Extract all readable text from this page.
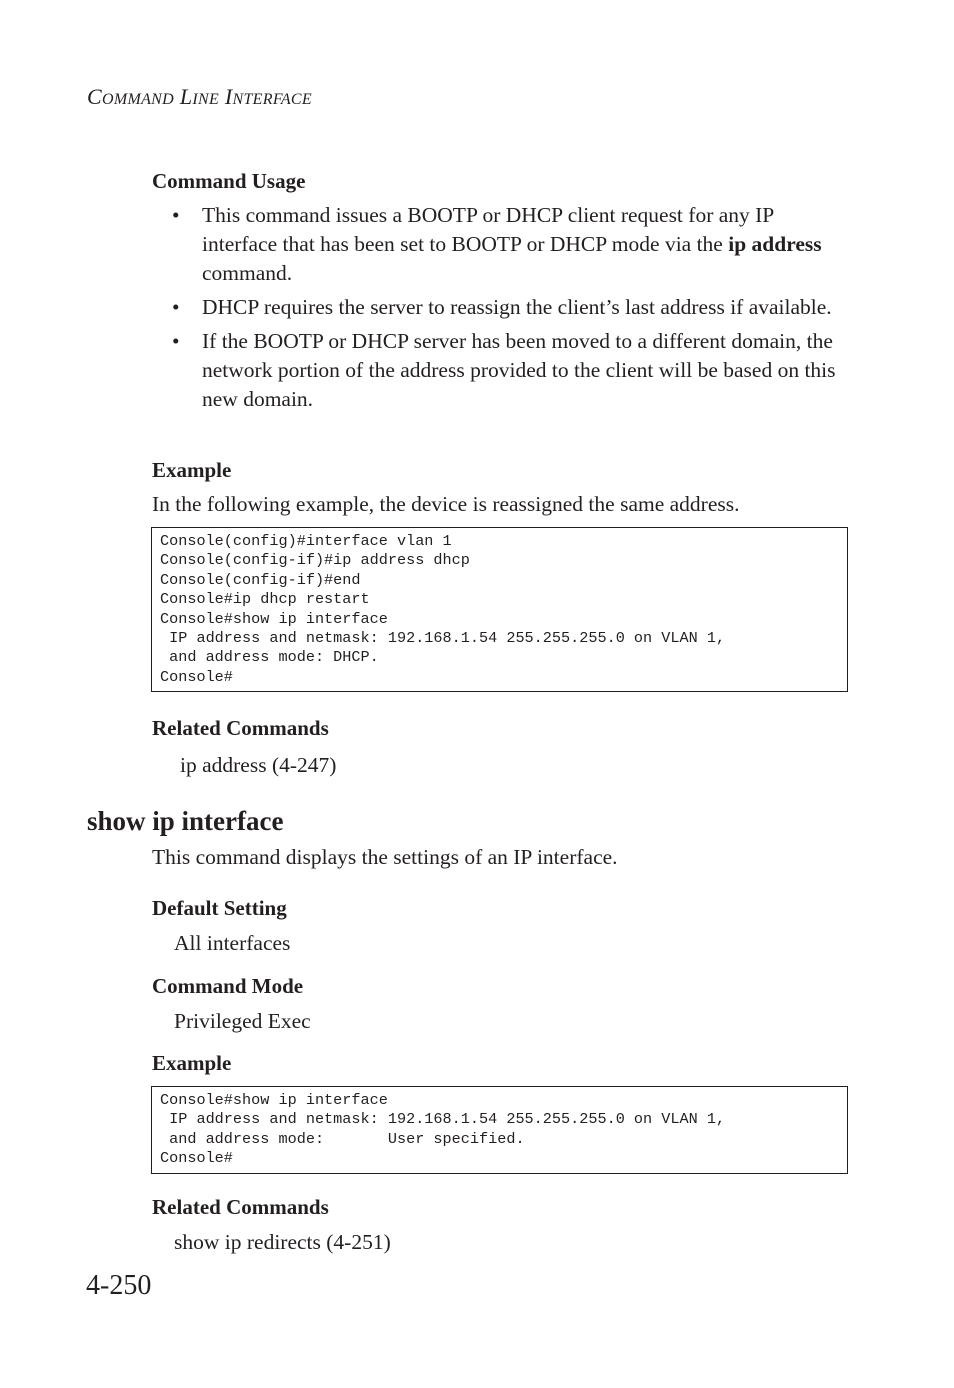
COMMAND LINE INTERFACE
Command Usage
• This command issues a BOOTP or DHCP client request for any IP interface that has been set to BOOTP or DHCP mode via the ip address command.
• DHCP requires the server to reassign the client’s last address if available.
• If the BOOTP or DHCP server has been moved to a different domain, the network portion of the address provided to the client will be based on this new domain.
Example
In the following example, the device is reassigned the same address.
Console(config)#interface vlan 1
Console(config-if)#ip address dhcp
Console(config-if)#end
Console#ip dhcp restart
Console#show ip interface
IP address and netmask: 192.168.1.54 255.255.255.0 on VLAN 1,
and address mode: DHCP.
Console#
Related Commands
ip address (4-247)
show ip interface
This command displays the settings of an IP interface.
Default Setting
All interfaces
Command Mode
Privileged Exec
Example
Console#show ip interface
IP address and netmask: 192.168.1.54 255.255.255.0 on VLAN 1,
and address mode:       User specified.
Console#
Related Commands
show ip redirects (4-251)
4-250
